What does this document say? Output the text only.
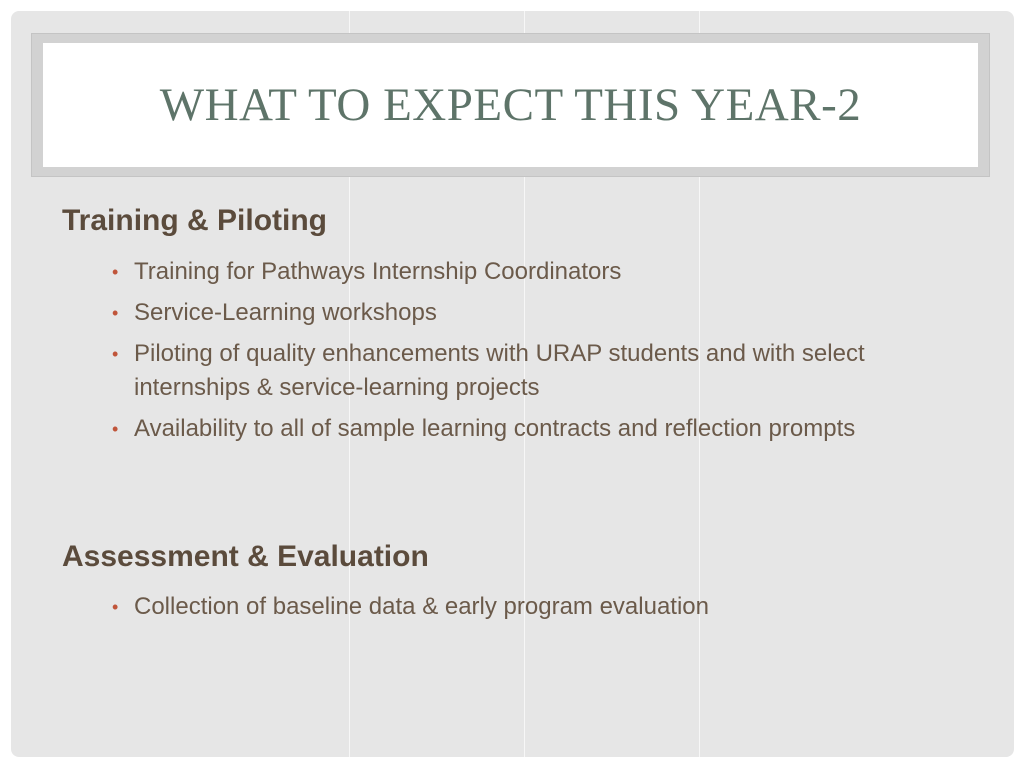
WHAT TO EXPECT THIS YEAR-2
Training & Piloting
• Training for Pathways Internship Coordinators
• Service-Learning workshops
• Piloting of quality enhancements with URAP students and with select internships & service-learning projects
• Availability to all of sample learning contracts and reflection prompts
Assessment & Evaluation
• Collection of baseline data & early program evaluation
